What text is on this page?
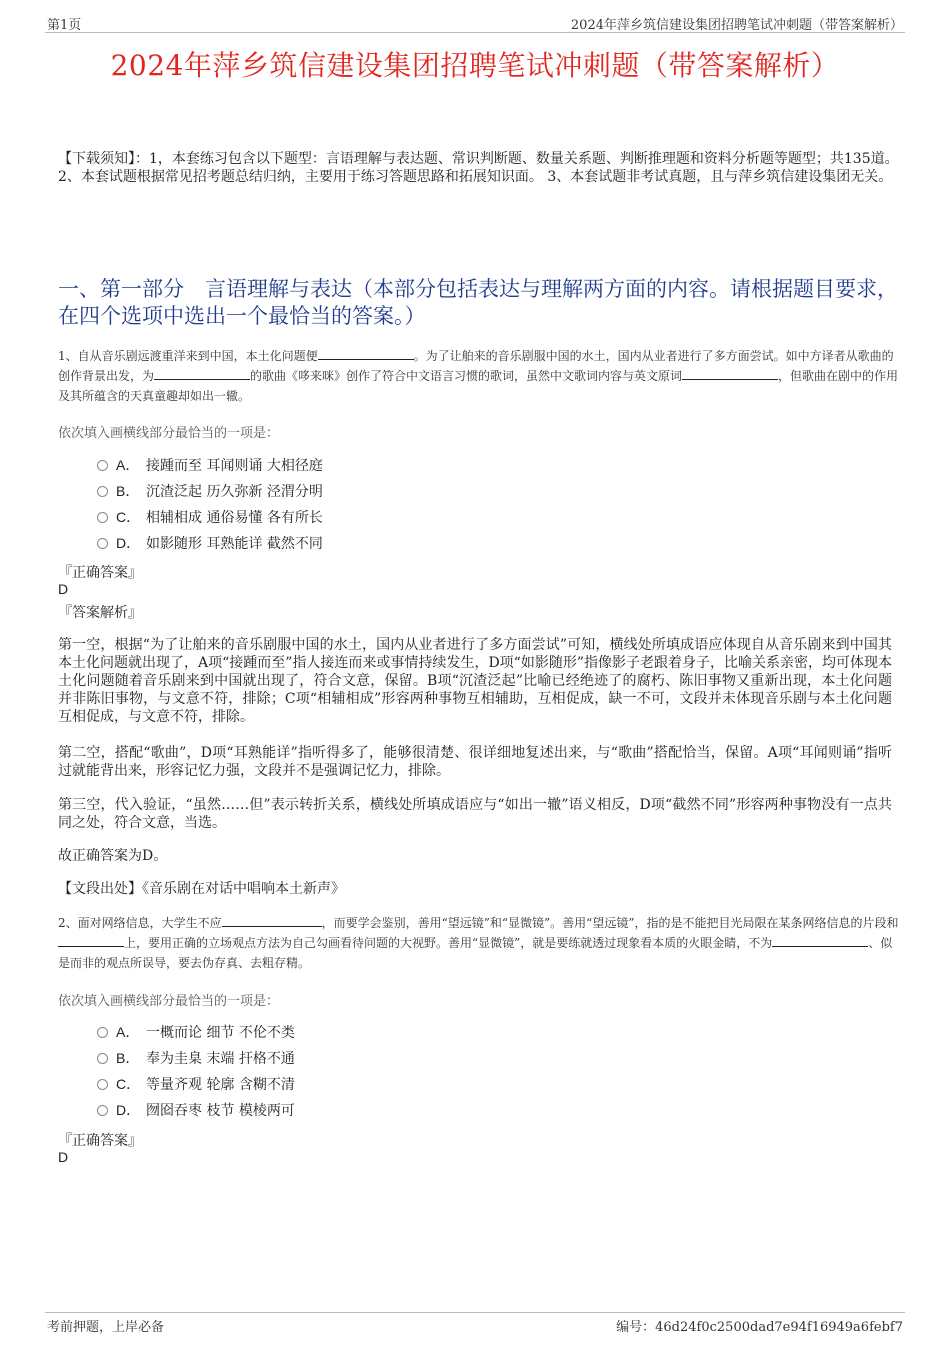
第1页	2024年萍乡筑信建设集团招聘笔试冲刺题（带答案解析）
2024年萍乡筑信建设集团招聘笔试冲刺题（带答案解析）
【下载须知】：1，本套练习包含以下题型：言语理解与表达题、常识判断题、数量关系题、判断推理题和资料分析题等题型；共135道。 2、本套试题根据常见招考题总结归纳，主要用于练习答题思路和拓展知识面。 3、本套试题非考试真题，且与萍乡筑信建设集团无关。
一、第一部分　言语理解与表达（本部分包括表达与理解两方面的内容。请根据题目要求，在四个选项中选出一个最恰当的答案。）
1、自从音乐剧远渡重洋来到中国，本土化问题便	。为了让舶来的音乐剧服中国的水土，国内从业者进行了多方面尝试。如中方译者从歌曲的创作背景出发，为	的歌曲《哆来咪》创作了符合中文语言习惯的歌词，虽然中文歌词内容与英文原词	，但歌曲在剧中的作用及其所蕴含的天真童趣却如出一辙。
依次填入画横线部分最恰当的一项是：
A． 接踵而至 耳闻则诵 大相径庭
B． 沉渣泛起 历久弥新 泾渭分明
C． 相辅相成 通俗易懂 各有所长
D． 如影随形 耳熟能详 截然不同
『正确答案』
D
『答案解析』
第一空，根据“为了让舶来的音乐剧服中国的水土，国内从业者进行了多方面尝试”可知，横线处所填成语应体现自从音乐剧来到中国其本土化问题就出现了，A项“接踵而至”指人接连而来或事情持续发生，D项“如影随形”指像影子老跟着身子，比喻关系亲密，均可体现本土化问题随着音乐剧来到中国就出现了，符合文意，保留。B项“沉渣泛起”比喻已经绝迹了的腐朽、陈旧事物又重新出现，本土化问题并非陈旧事物，与文意不符，排除；C项“相辅相成”形容两种事物互相辅助，互相促成，缺一不可，文段并未体现音乐剧与本土化问题互相促成，与文意不符，排除。
第二空，搭配“歌曲”，D项“耳熟能详”指听得多了，能够很清楚、很详细地复述出来，与“歌曲”搭配恰当，保留。A项“耳闻则诵”指听过就能背出来，形容记忆力强，文段并不是强调记忆力，排除。
第三空，代入验证，“虽然……但”表示转折关系，横线处所填成语应与“如出一辙”语义相反，D项“截然不同”形容两种事物没有一点共同之处，符合文意，当选。
故正确答案为D。
【文段出处】《音乐剧在对话中唱响本土新声》
2、面对网络信息，大学生不应	，而要学会鉴别，善用“望远镜”和“显微镜”。善用“望远镜”，指的是不能把目光局限在某条网络信息的片段和上，要用正确的立场观点方法为自己勾画看待问题的大视野。善用“显微镜”，就是要练就透过现象看本质的火眼金睛，不为	、似是而非的观点所误导，要去伪存真、去粗存精。
依次填入画横线部分最恰当的一项是：
A． 一概而论 细节 不伦不类
B． 奉为圭臬 末端 扞格不通
C． 等量齐观 轮廓 含糊不清
D． 囫囵吞枣 枝节 模棱两可
『正确答案』
D
考前押题，上岸必备	编号：46d24f0c2500dad7e94f16949a6febf7
